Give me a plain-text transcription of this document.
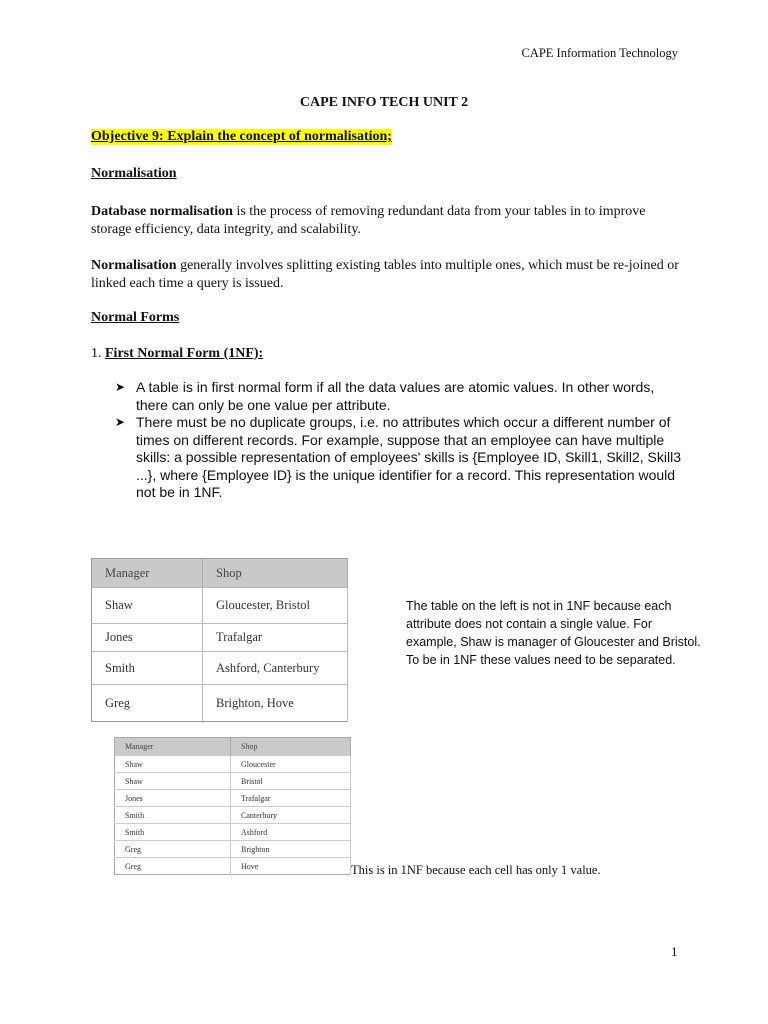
CAPE Information Technology
CAPE INFO TECH UNIT 2
Objective 9: Explain the concept of normalisation;
Normalisation
Database normalisation is the process of removing redundant data from your tables in to improve storage efficiency, data integrity, and scalability.
Normalisation generally involves splitting existing tables into multiple ones, which must be re-joined or linked each time a query is issued.
Normal Forms
1. First Normal Form (1NF):
➤ A table is in first normal form if all the data values are atomic values. In other words, there can only be one value per attribute.
➤ There must be no duplicate groups, i.e. no attributes which occur a different number of times on different records. For example, suppose that an employee can have multiple skills: a possible representation of employees' skills is {Employee ID, Skill1, Skill2, Skill3 ...}, where {Employee ID} is the unique identifier for a record. This representation would not be in 1NF.
Manager	Shop
Shaw	Gloucester, Bristol
Jones	Trafalgar
Smith	Ashford, Canterbury
Greg	Brighton, Hove
The table on the left is not in 1NF because each attribute does not contain a single value. For example, Shaw is manager of Gloucester and Bristol. To be in 1NF these values need to be separated.
Manager	Shop
Shaw	Gloucester
Shaw	Bristol
Jones	Trafalgar
Smith	Canterbury
Smith	Ashford
Greg	Brighton
Greg	Hove	This is in 1NF because each cell has only 1 value.
1
